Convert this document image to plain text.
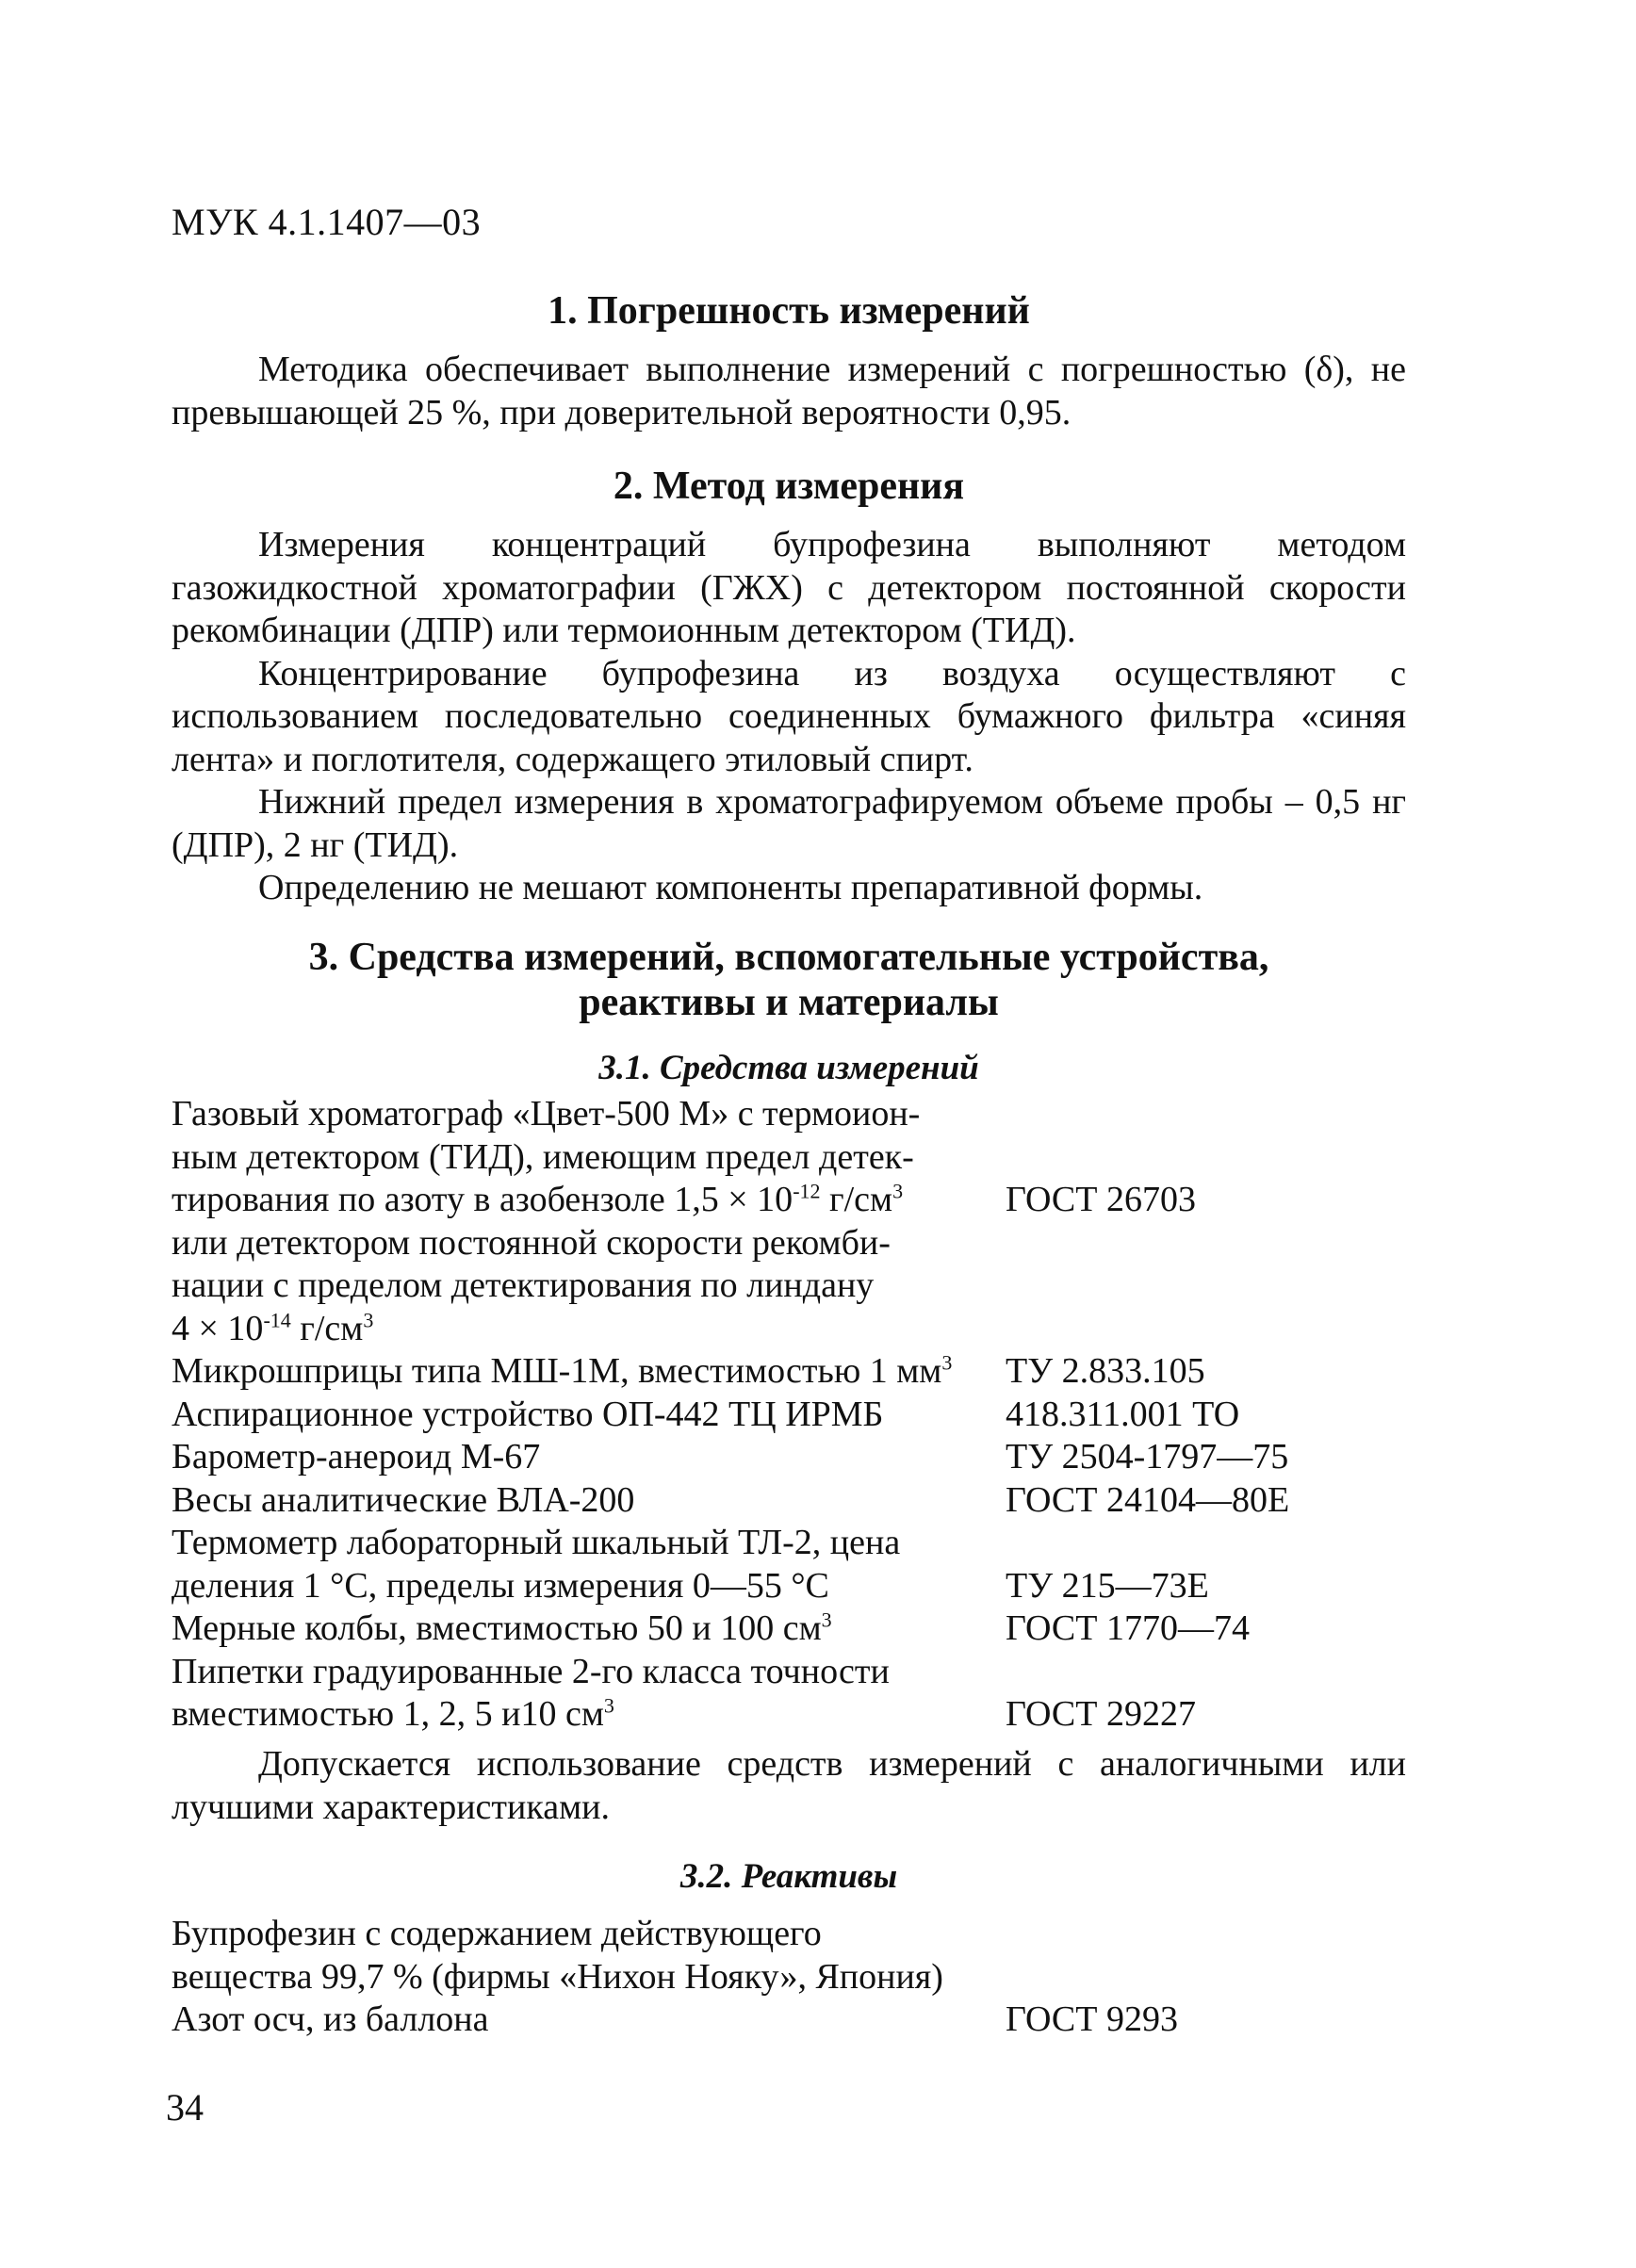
МУК 4.1.1407—03
1. Погрешность измерений

Методика обеспечивает выполнение измерений с погрешностью (δ), не превышающей 25 %, при доверительной вероятности 0,95.

2. Метод измерения

Измерения концентраций бупрофезина выполняют методом газожидкостной хроматографии (ГЖХ) с детектором постоянной скорости рекомбинации (ДПР) или термоионным детектором (ТИД).

Концентрирование бупрофезина из воздуха осуществляют с использованием последовательно соединенных бумажного фильтра «синяя лента» и поглотителя, содержащего этиловый спирт.

Нижний предел измерения в хроматографируемом объеме пробы – 0,5 нг (ДПР), 2 нг (ТИД).

Определению не мешают компоненты препаративной формы.

3. Средства измерений, вспомогательные устройства,
реактивы и материалы
3.1. Средства измерений
Газовый хроматограф «Цвет-500 М» с термоион-
ным детектором (ТИД), имеющим предел детек-
тирования по азоту в азобензоле $1,5 \times 10^{-12}$ $г/см^3$
или детектором постоянной скорости рекомби-
нации с пределом детектирования по линдану
$4 \times 10^{-14}$ $г/см^3$
Микрошприцы типа МШ-1М, вместимостью 1 $мм^3$
Аспирационное устройство ОП-442 ТЦ ИРМБ
Барометр-анероид М-67
Весы аналитические ВЛА-200
Термометр лабораторный шкальный ТЛ-2, цена
деления 1 °С, пределы измерения 0—55 °С
Мерные колбы, вместимостью 50 и 100 $см^3$
Пипетки градуированные 2-го класса точности
вместимостью 1, 2, 5 и10 $см^3$
ГОСТ 26703
ТУ 2.833.105
418.311.001 ТО
ТУ 2504-1797—75
ГОСТ 24104—80Е
ТУ 215—73Е
ГОСТ 1770—74
ГОСТ 29227

Допускается использование средств измерений с аналогичными или лучшими характеристиками.

3.2. Реактивы
Бупрофезин с содержанием действующего
вещества 99,7 % (фирмы «Нихон Нояку», Япония)
Азот осч, из баллона	ГОСТ 9293
34
